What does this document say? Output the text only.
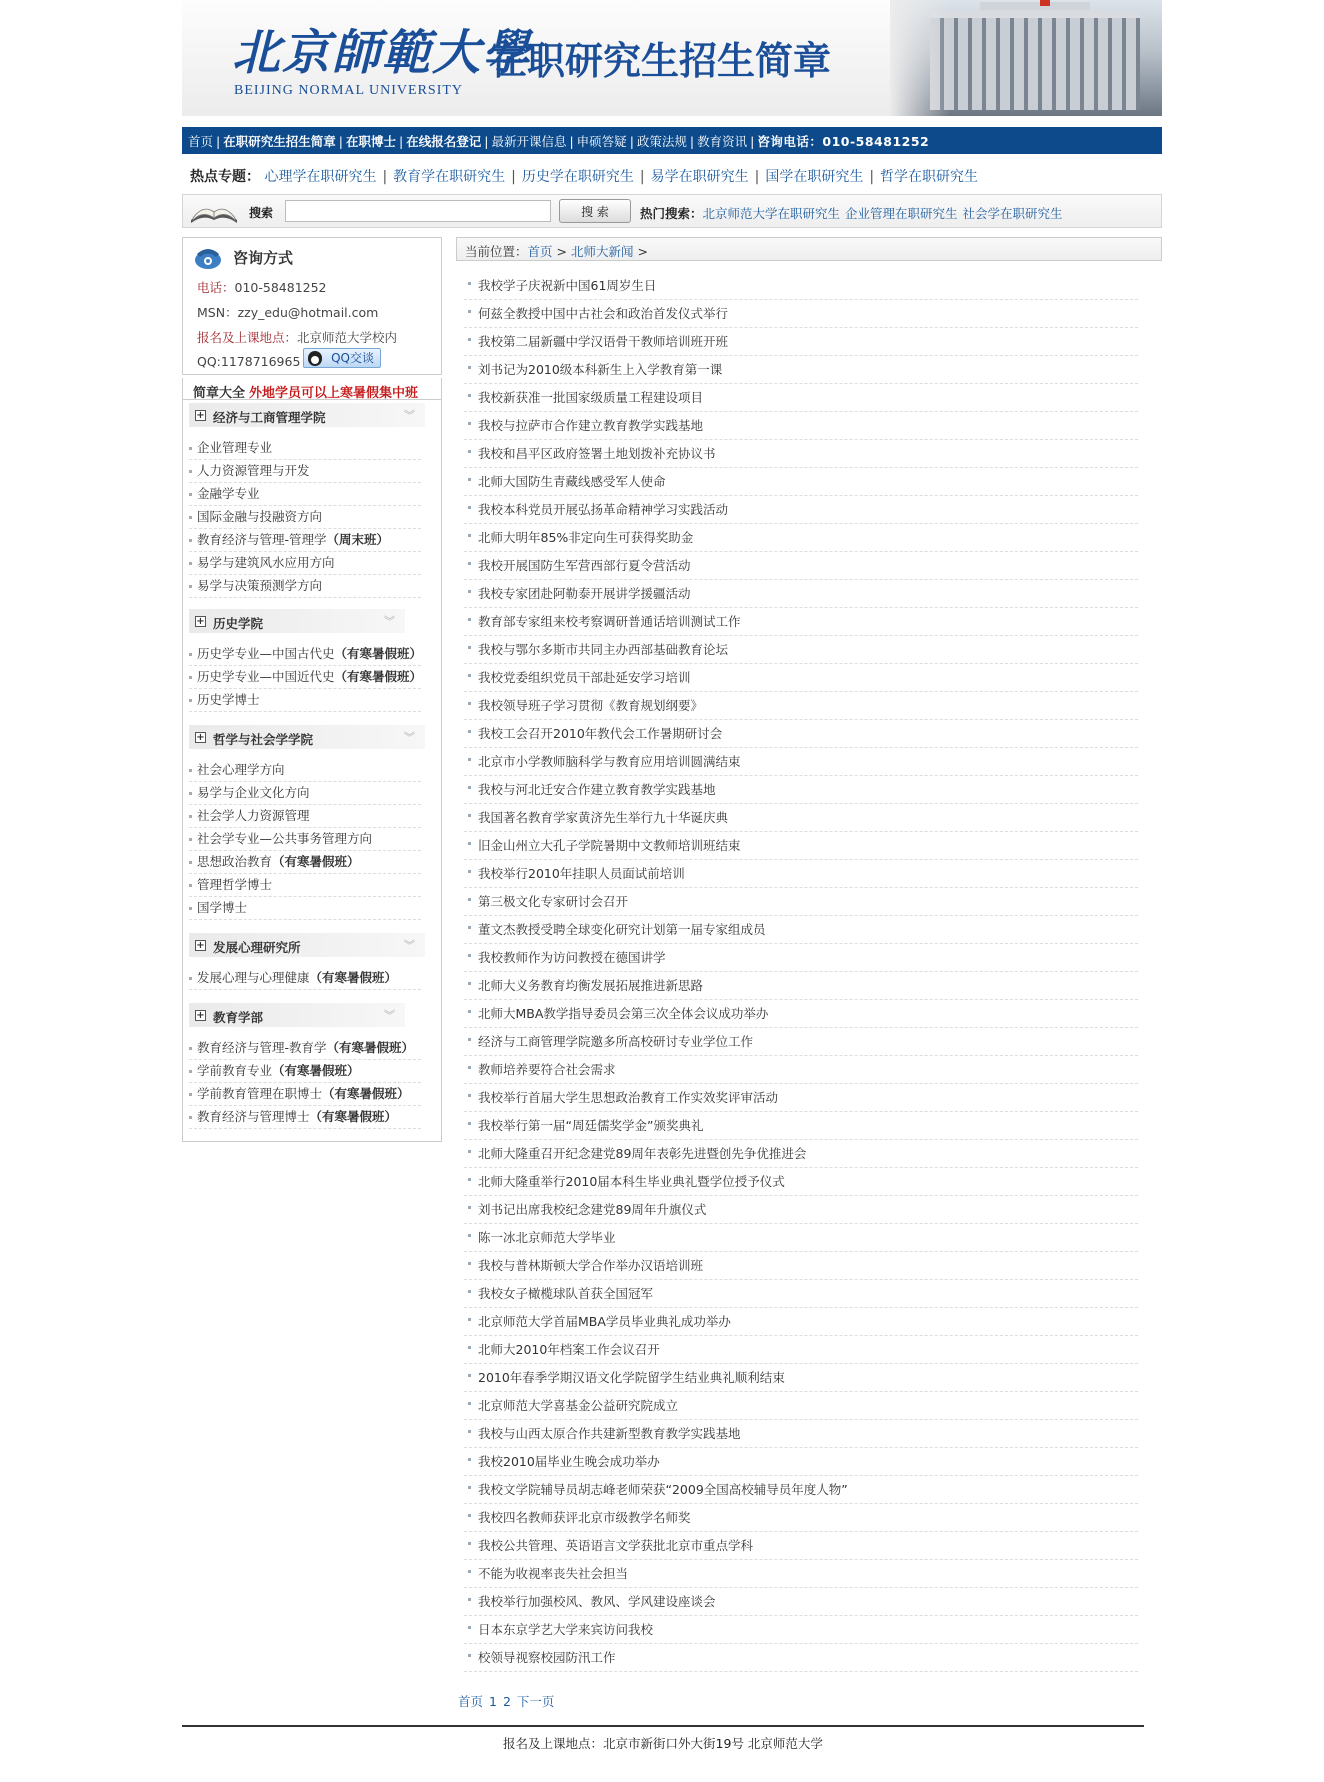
北京師範大學
BEIJING NORMAL UNIVERSITY
在职研究生招生简章
首页 | 在职研究生招生简章 | 在职博士 | 在线报名登记 | 最新开课信息 | 申硕答疑 | 政策法规 | 教育资讯 | 咨询电话：010-58481252
热点专题： 心理学在职研究生 | 教育学在职研究生 | 历史学在职研究生 | 易学在职研究生 | 国学在职研究生 | 哲学在职研究生
搜索	搜 索	热门搜索：北京师范大学在职研究生 企业管理在职研究生 社会学在职研究生
咨询方式
电话：010-58481252
MSN：zzy_edu@hotmail.com
报名及上课地点：北京师范大学校内
QQ:1178716965	QQ交谈
简章大全 外地学员可以上寒暑假集中班
+ 经济与工商管理学院	︾
企业管理专业
人力资源管理与开发
金融学专业
国际金融与投融资方向
教育经济与管理-管理学（周末班）
易学与建筑风水应用方向
易学与决策预测学方向
+ 历史学院	︾
历史学专业—中国古代史（有寒暑假班）
历史学专业—中国近代史（有寒暑假班）
历史学博士
+ 哲学与社会学学院	︾
社会心理学方向
易学与企业文化方向
社会学人力资源管理
社会学专业—公共事务管理方向
思想政治教育（有寒暑假班）
管理哲学博士
国学博士
+ 发展心理研究所	︾
发展心理与心理健康（有寒暑假班）
+ 教育学部	︾
教育经济与管理-教育学（有寒暑假班）
学前教育专业（有寒暑假班）
学前教育管理在职博士（有寒暑假班）
教育经济与管理博士（有寒暑假班）
当前位置：首页 > 北师大新闻 >
我校学子庆祝新中国61周岁生日
何兹全教授中国中古社会和政治首发仪式举行
我校第二届新疆中学汉语骨干教师培训班开班
刘书记为2010级本科新生上入学教育第一课
我校新获准一批国家级质量工程建设项目
我校与拉萨市合作建立教育教学实践基地
我校和昌平区政府签署土地划拨补充协议书
北师大国防生青藏线感受军人使命
我校本科党员开展弘扬革命精神学习实践活动
北师大明年85%非定向生可获得奖助金
我校开展国防生军营西部行夏令营活动
我校专家团赴阿勒泰开展讲学援疆活动
教育部专家组来校考察调研普通话培训测试工作
我校与鄂尔多斯市共同主办西部基础教育论坛
我校党委组织党员干部赴延安学习培训
我校领导班子学习贯彻《教育规划纲要》
我校工会召开2010年教代会工作暑期研讨会
北京市小学教师脑科学与教育应用培训圆满结束
我校与河北迁安合作建立教育教学实践基地
我国著名教育学家黄济先生举行九十华诞庆典
旧金山州立大孔子学院暑期中文教师培训班结束
我校举行2010年挂职人员面试前培训
第三极文化专家研讨会召开
董文杰教授受聘全球变化研究计划第一届专家组成员
我校教师作为访问教授在德国讲学
北师大义务教育均衡发展拓展推进新思路
北师大MBA教学指导委员会第三次全体会议成功举办
经济与工商管理学院邀多所高校研讨专业学位工作
教师培养要符合社会需求
我校举行首届大学生思想政治教育工作实效奖评审活动
我校举行第一届“周廷儒奖学金”颁奖典礼
北师大隆重召开纪念建党89周年表彰先进暨创先争优推进会
北师大隆重举行2010届本科生毕业典礼暨学位授予仪式
刘书记出席我校纪念建党89周年升旗仪式
陈一冰北京师范大学毕业
我校与普林斯顿大学合作举办汉语培训班
我校女子橄榄球队首获全国冠军
北京师范大学首届MBA学员毕业典礼成功举办
北师大2010年档案工作会议召开
2010年春季学期汉语文化学院留学生结业典礼顺利结束
北京师范大学喜基金公益研究院成立
我校与山西太原合作共建新型教育教学实践基地
我校2010届毕业生晚会成功举办
我校文学院辅导员胡志峰老师荣获“2009全国高校辅导员年度人物”
我校四名教师获评北京市级教学名师奖
我校公共管理、英语语言文学获批北京市重点学科
不能为收视率丧失社会担当
我校举行加强校风、教风、学风建设座谈会
日本东京学艺大学来宾访问我校
校领导视察校园防汛工作
首页 1 2 下一页
报名及上课地点：北京市新街口外大街19号 北京师范大学
